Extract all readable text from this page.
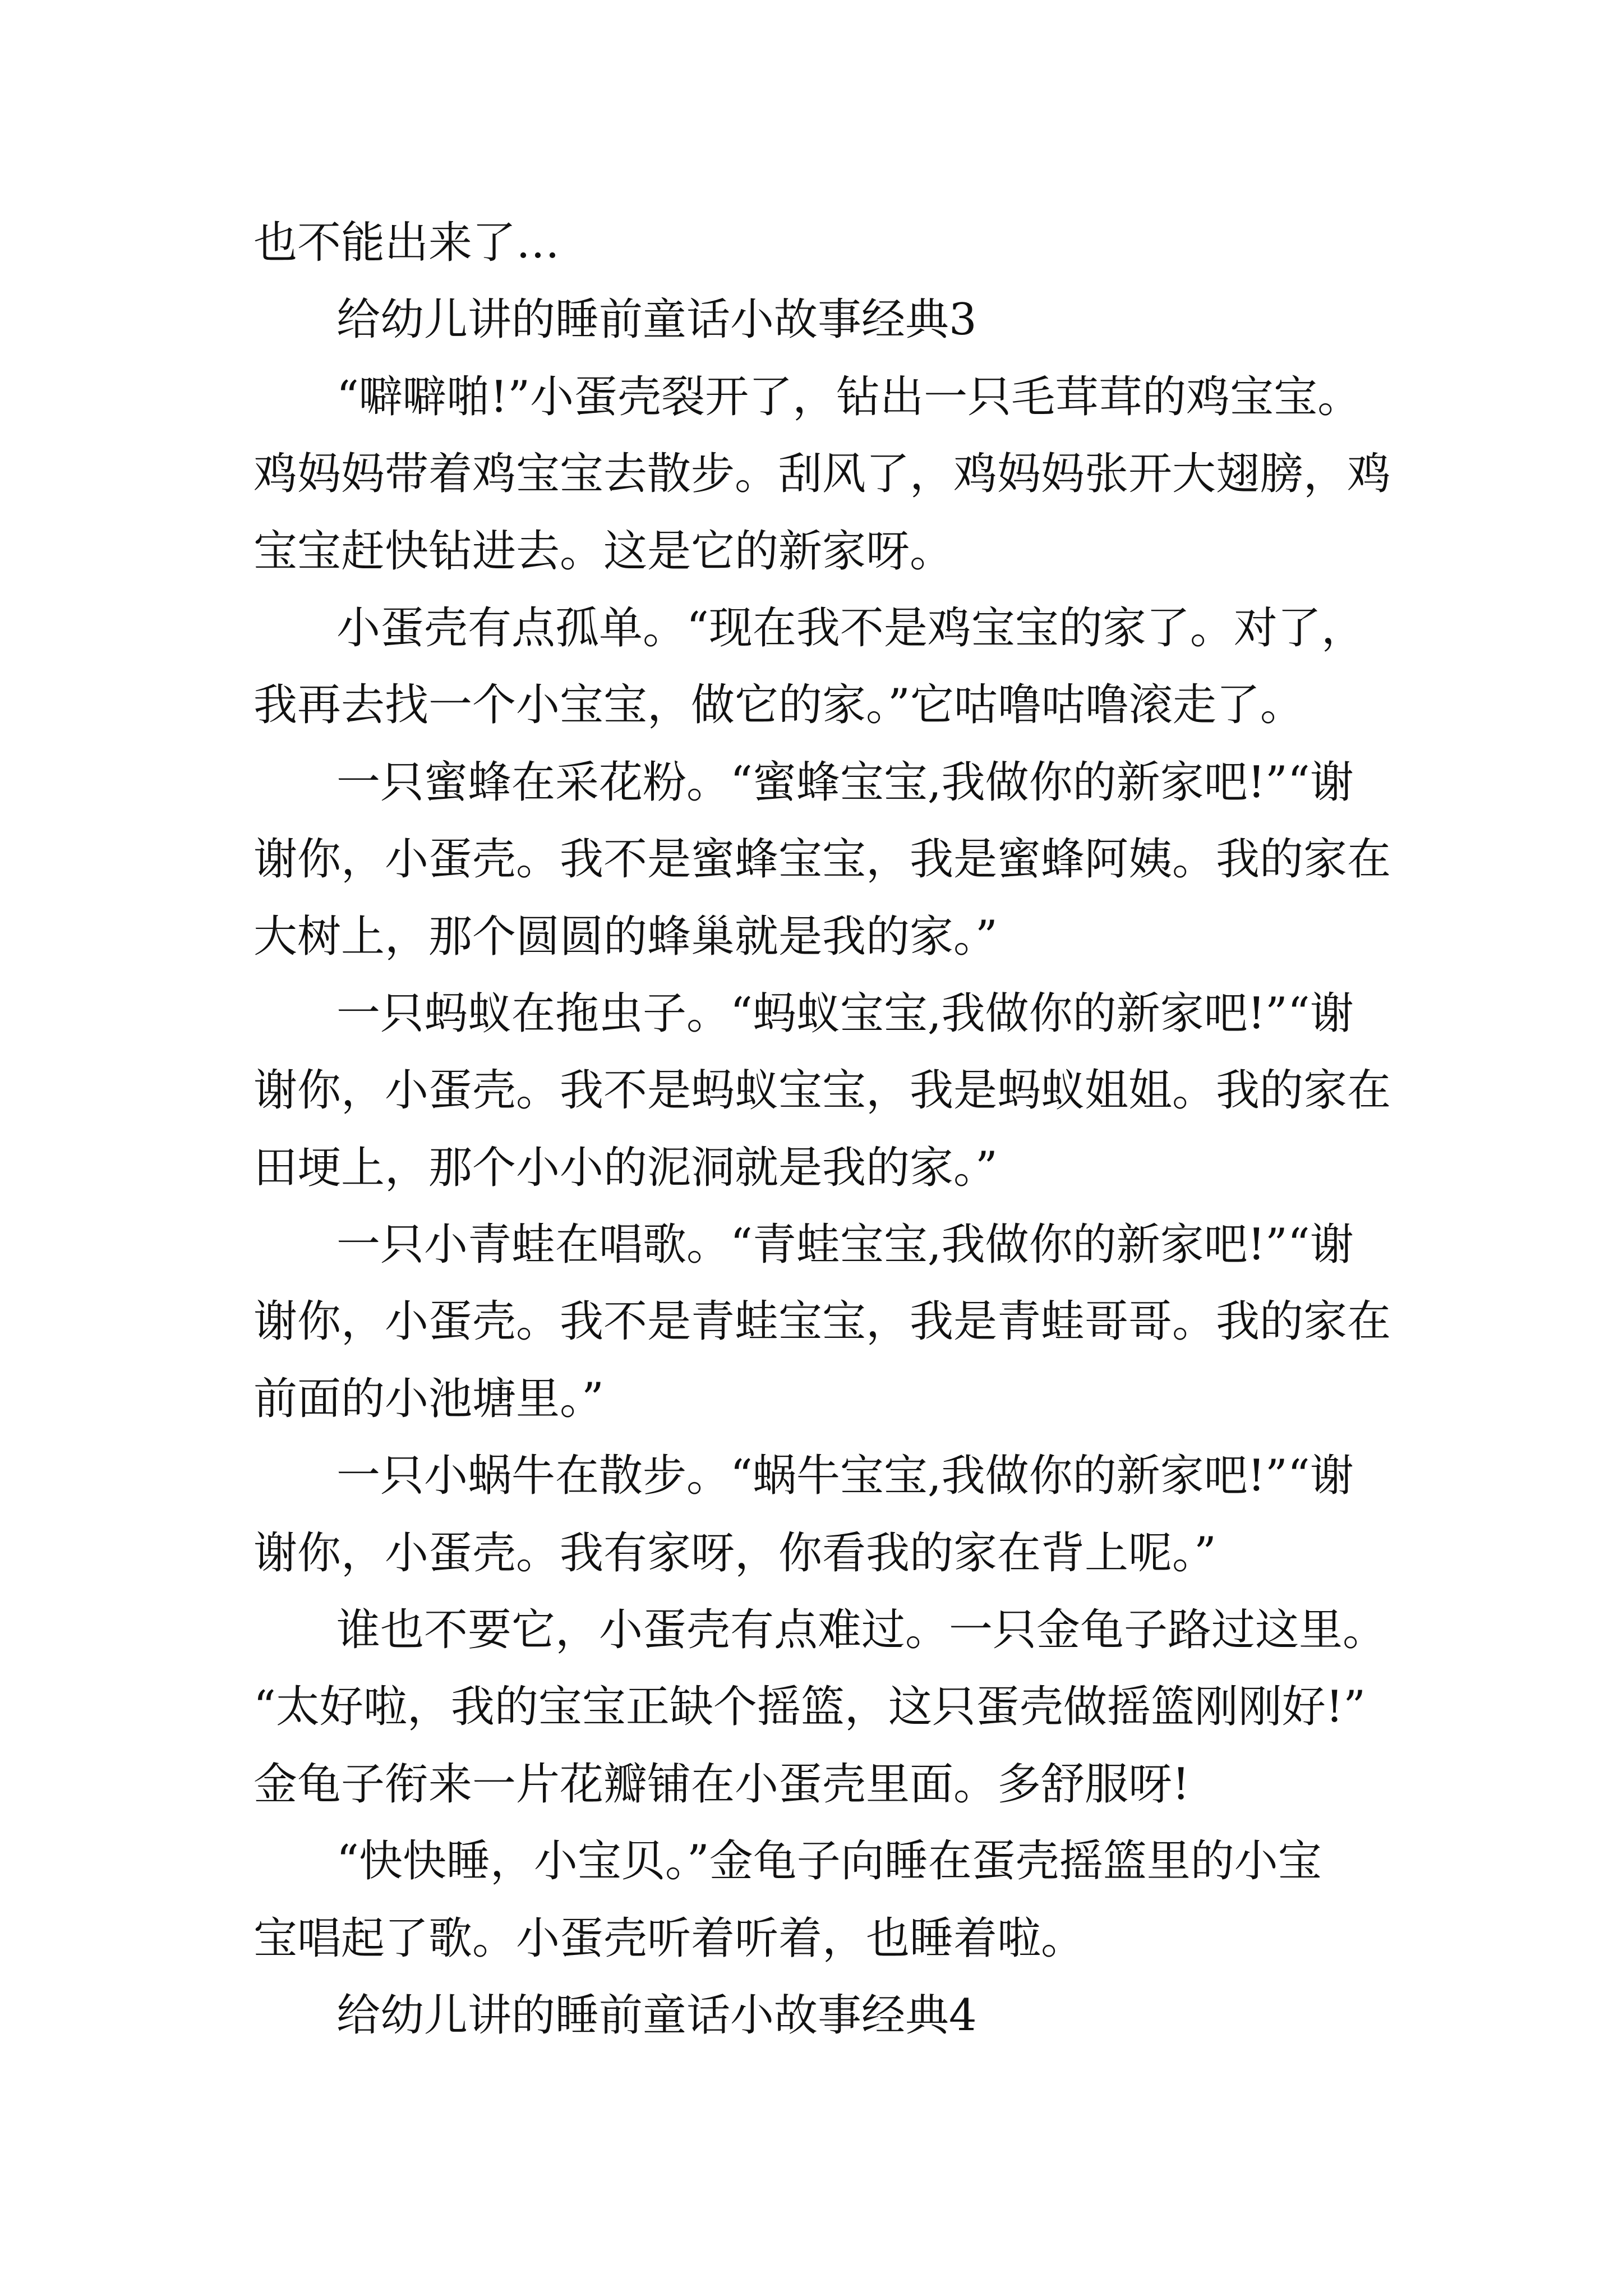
也不能出来了…
给幼儿讲的睡前童话小故事经典3
“噼噼啪!”小蛋壳裂开了，钻出一只毛茸茸的鸡宝宝。
鸡妈妈带着鸡宝宝去散步。刮风了，鸡妈妈张开大翅膀，鸡
宝宝赶快钻进去。这是它的新家呀。
小蛋壳有点孤单。“现在我不是鸡宝宝的家了。对了，
我再去找一个小宝宝，做它的家。”它咕噜咕噜滚走了。
一只蜜蜂在采花粉。“蜜蜂宝宝,我做你的新家吧!”“谢
谢你，小蛋壳。我不是蜜蜂宝宝，我是蜜蜂阿姨。我的家在
大树上，那个圆圆的蜂巢就是我的家。”
一只蚂蚁在拖虫子。“蚂蚁宝宝,我做你的新家吧!”“谢
谢你，小蛋壳。我不是蚂蚁宝宝，我是蚂蚁姐姐。我的家在
田埂上，那个小小的泥洞就是我的家。”
一只小青蛙在唱歌。“青蛙宝宝,我做你的新家吧!”“谢
谢你，小蛋壳。我不是青蛙宝宝，我是青蛙哥哥。我的家在
前面的小池塘里。”
一只小蜗牛在散步。“蜗牛宝宝,我做你的新家吧!”“谢
谢你，小蛋壳。我有家呀，你看我的家在背上呢。”
谁也不要它，小蛋壳有点难过。一只金龟子路过这里。
“太好啦，我的宝宝正缺个摇篮，这只蛋壳做摇篮刚刚好!”
金龟子衔来一片花瓣铺在小蛋壳里面。多舒服呀!
“快快睡，小宝贝。”金龟子向睡在蛋壳摇篮里的小宝
宝唱起了歌。小蛋壳听着听着，也睡着啦。
给幼儿讲的睡前童话小故事经典4
